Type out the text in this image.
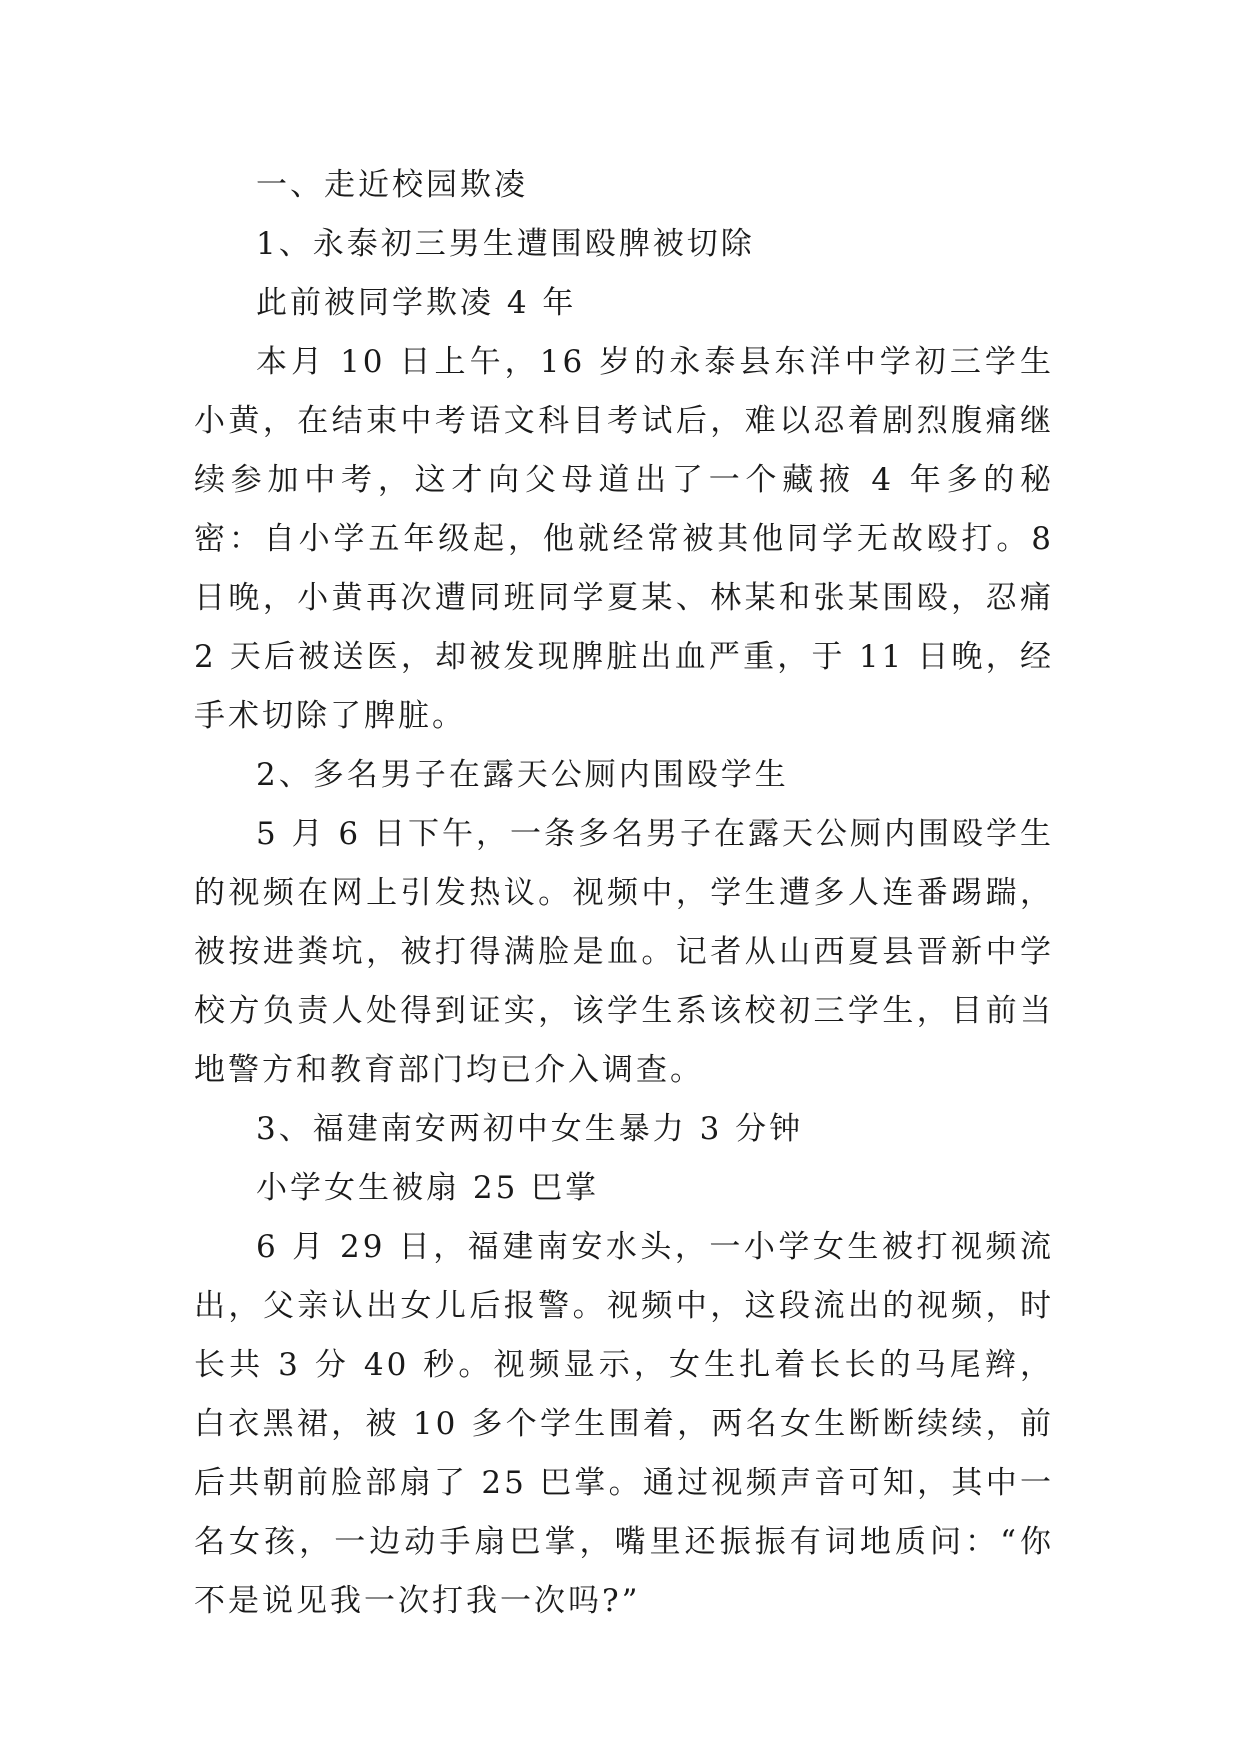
一、走近校园欺凌

1、永泰初三男生遭围殴脾被切除

此前被同学欺凌 4 年

本月 10 日上午，16 岁的永泰县东洋中学初三学生小黄，在结束中考语文科目考试后，难以忍着剧烈腹痛继续参加中考，这才向父母道出了一个藏掖 4 年多的秘密：自小学五年级起，他就经常被其他同学无故殴打。8 日晚，小黄再次遭同班同学夏某、林某和张某围殴，忍痛 2 天后被送医，却被发现脾脏出血严重，于 11 日晚，经手术切除了脾脏。

2、多名男子在露天公厕内围殴学生

5 月 6 日下午，一条多名男子在露天公厕内围殴学生的视频在网上引发热议。视频中，学生遭多人连番踢踹，被按进粪坑，被打得满脸是血。记者从山西夏县晋新中学校方负责人处得到证实，该学生系该校初三学生，目前当地警方和教育部门均已介入调查。

3、福建南安两初中女生暴力 3 分钟

小学女生被扇 25 巴掌

6 月 29 日，福建南安水头，一小学女生被打视频流出，父亲认出女儿后报警。视频中，这段流出的视频，时长共 3 分 40 秒。视频显示，女生扎着长长的马尾辫，白衣黑裙，被 10 多个学生围着，两名女生断断续续，前后共朝前脸部扇了 25 巴掌。通过视频声音可知，其中一名女孩，一边动手扇巴掌，嘴里还振振有词地质问：“你不是说见我一次打我一次吗?”
